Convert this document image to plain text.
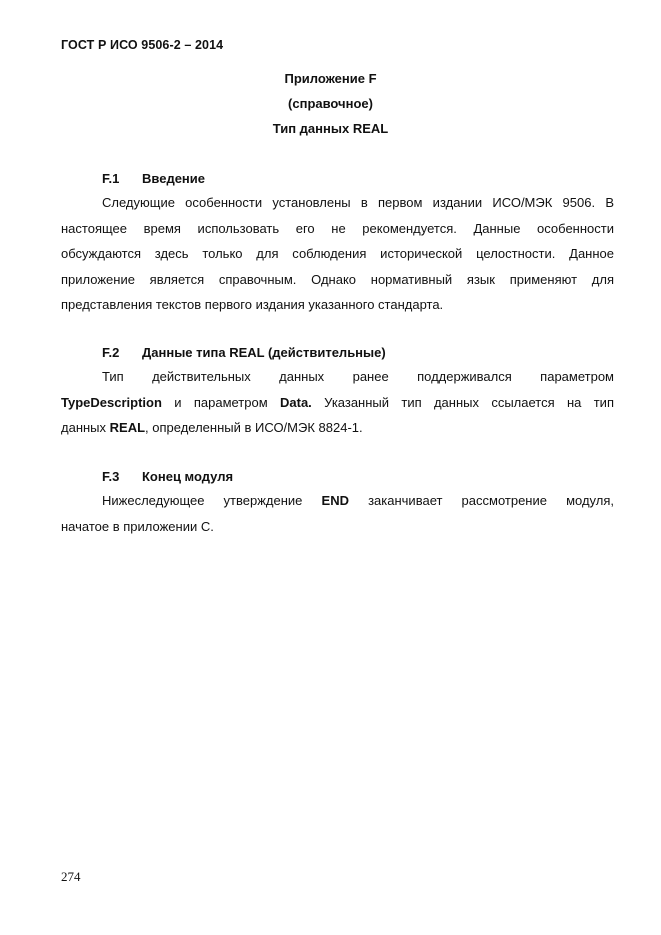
ГОСТ Р ИСО 9506-2 – 2014
Приложение F
(справочное)
Тип данных REAL
F.1 Введение
Следующие особенности установлены в первом издании ИСО/МЭК 9506. В
настоящее время использовать его не рекомендуется. Данные особенности
обсуждаются здесь только для соблюдения исторической целостности. Данное
приложение является справочным. Однако нормативный язык применяют для
представления текстов первого издания указанного стандарта.
F.2 Данные типа REAL (действительные)
Тип действительных данных ранее поддерживался параметром
TypeDescription и параметром Data. Указанный тип данных ссылается на тип
данных REAL, определенный в ИСО/МЭК 8824-1.
F.3 Конец модуля
Нижеследующее утверждение END заканчивает рассмотрение модуля,
начатое в приложении С.
274
